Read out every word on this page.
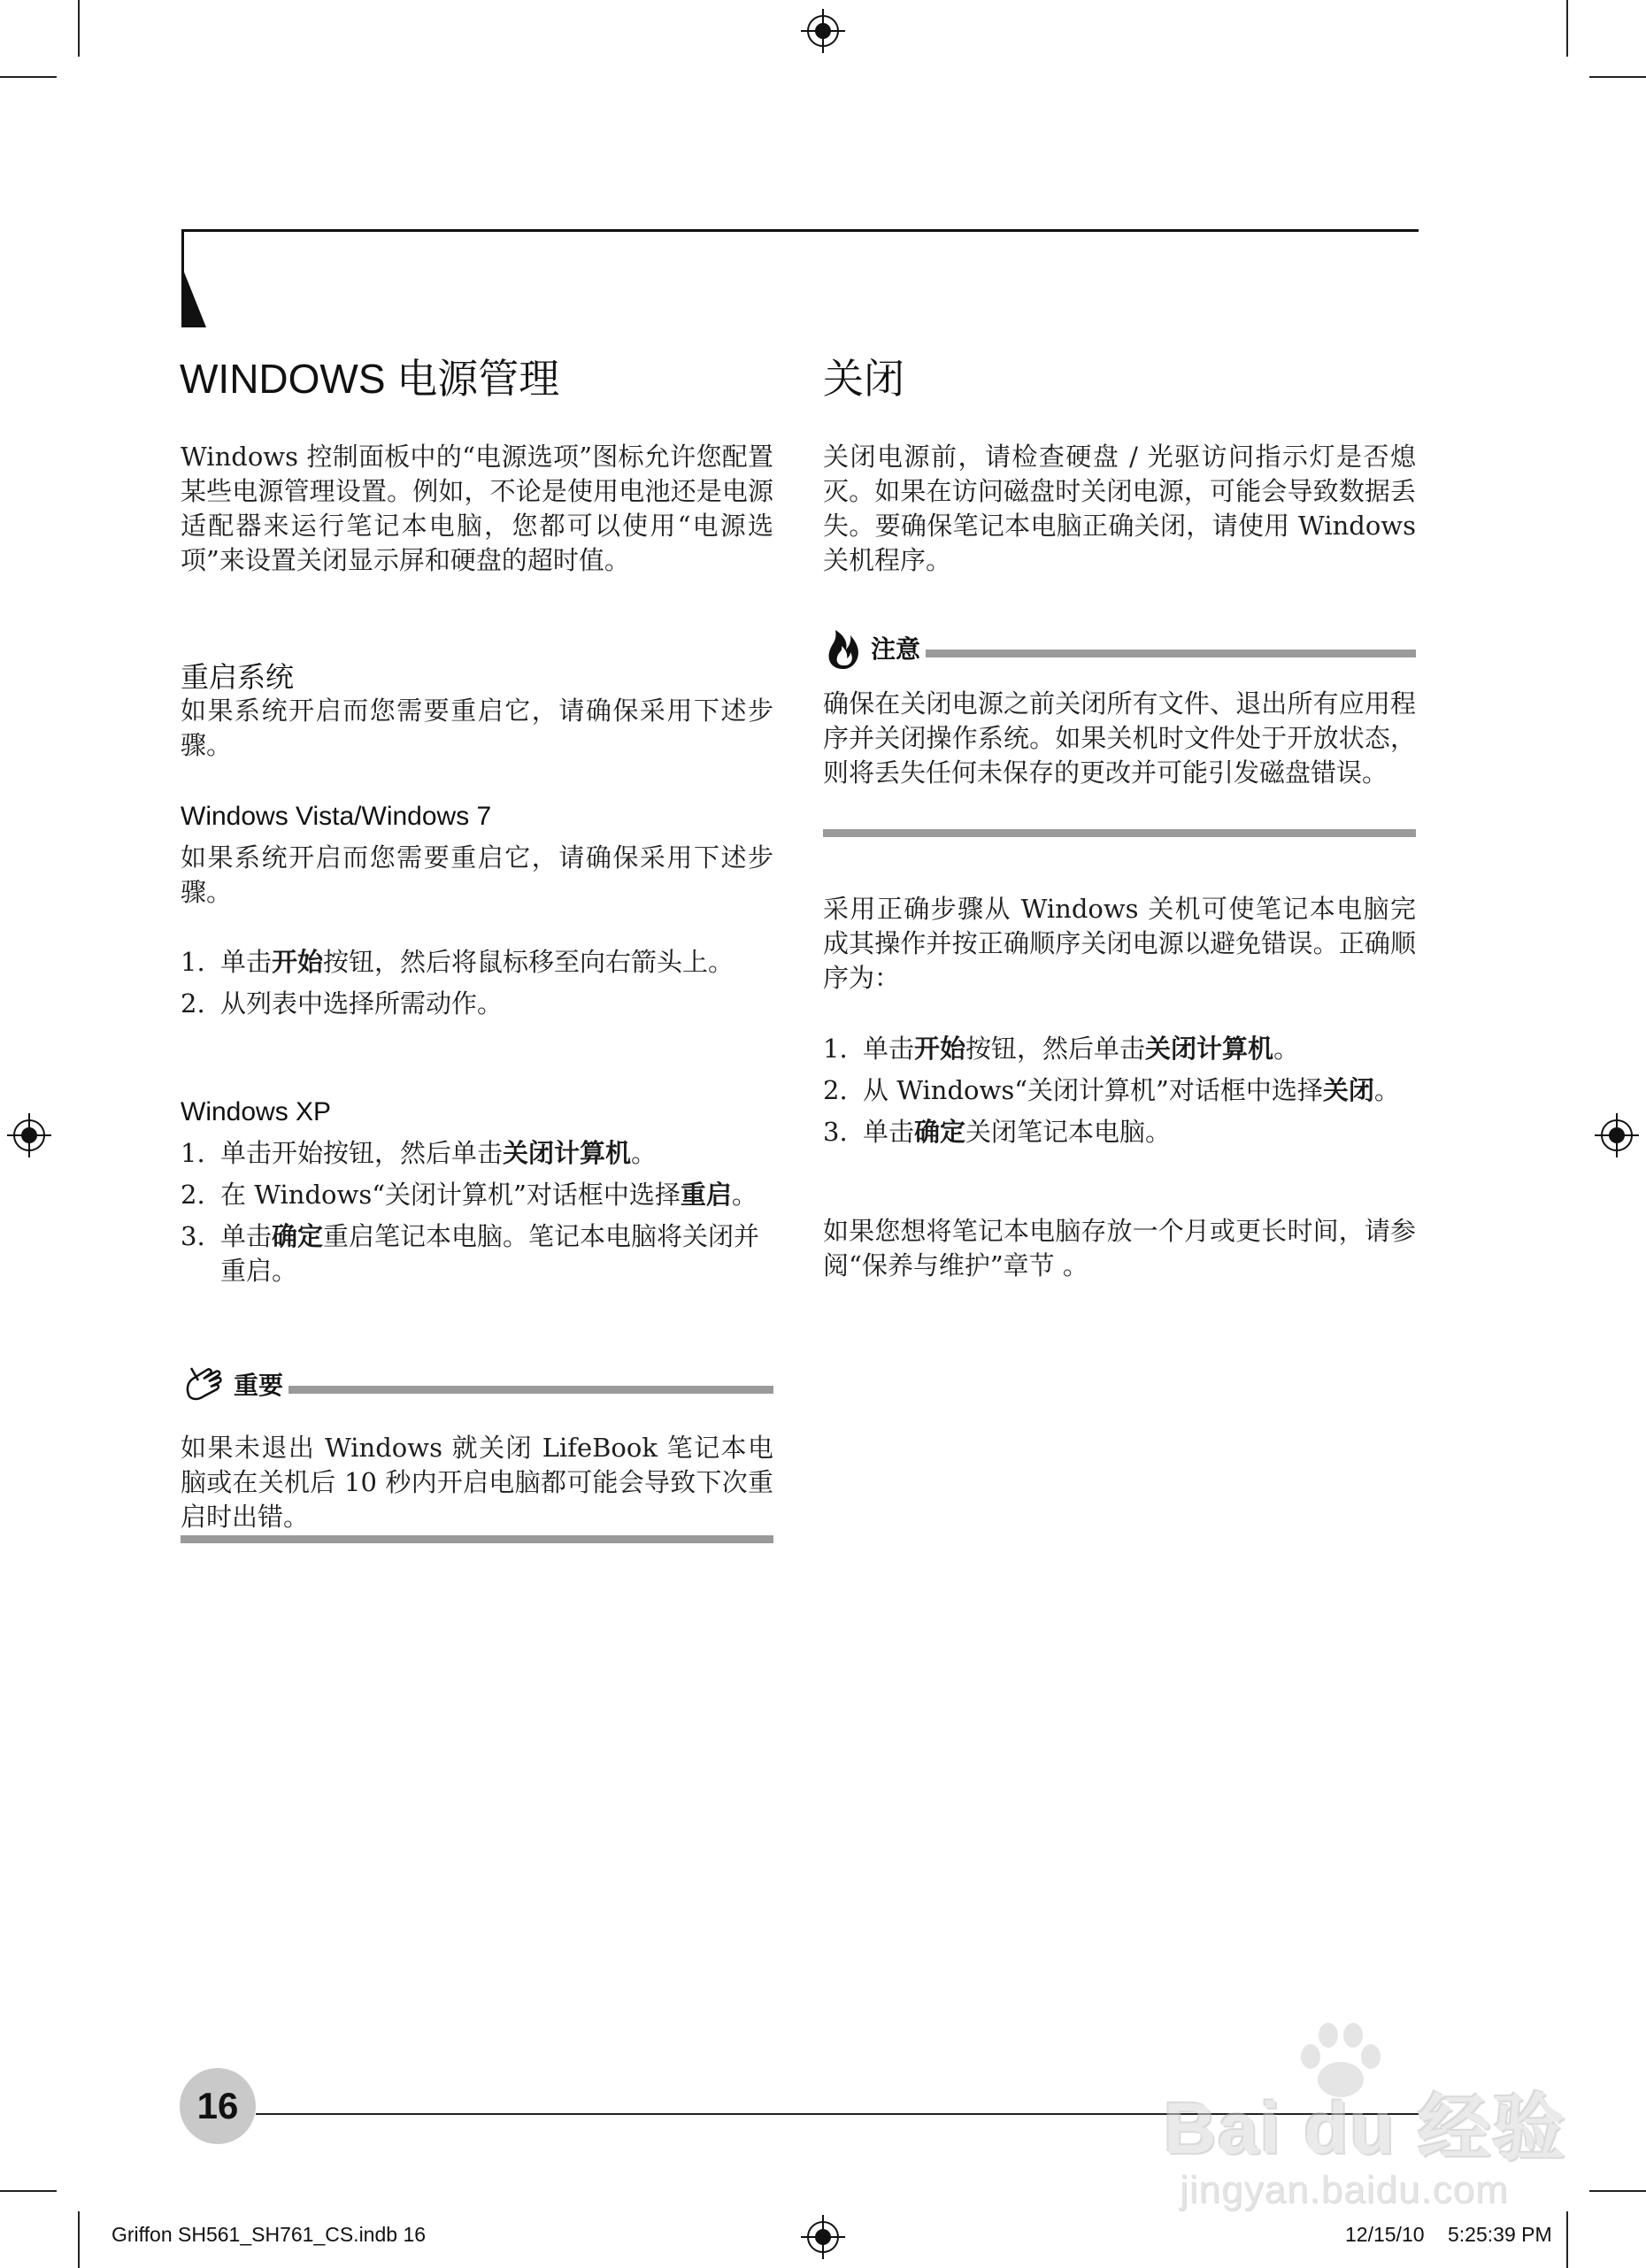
WINDOWS 电源管理

Windows 控制面板中的“电源选项”图标允许您配置某些电源管理设置。例如，不论是使用电池还是电源适配器来运行笔记本电脑，您都可以使用“电源选项”来设置关闭显示屏和硬盘的超时值。

重启系统

如果系统开启而您需要重启它，请确保采用下述步骤。

Windows Vista/Windows 7

如果系统开启而您需要重启它，请确保采用下述步骤。

1. 单击开始按钮，然后将鼠标移至向右箭头上。
2. 从列表中选择所需动作。
Windows XP
1. 单击开始按钮，然后单击关闭计算机。
2. 在 Windows“关闭计算机”对话框中选择重启。
3. 单击确定重启笔记本电脑。笔记本电脑将关闭并重启。
重要

如果未退出 Windows 就关闭 LifeBook 笔记本电脑或在关机后 10 秒内开启电脑都可能会导致下次重启时出错。

关闭

关闭电源前，请检查硬盘 / 光驱访问指示灯是否熄灭。如果在访问磁盘时关闭电源，可能会导致数据丢失。要确保笔记本电脑正确关闭，请使用 Windows 关机程序。

注意

确保在关闭电源之前关闭所有文件、退出所有应用程序并关闭操作系统。如果关机时文件处于开放状态，则将丢失任何未保存的更改并可能引发磁盘错误。

采用正确步骤从 Windows 关机可使笔记本电脑完成其操作并按正确顺序关闭电源以避免错误。正确顺序为：

1. 单击开始按钮，然后单击关闭计算机。
2. 从 Windows“关闭计算机”对话框中选择关闭。
3. 单击确定关闭笔记本电脑。

如果您想将笔记本电脑存放一个月或更长时间，请参阅“保养与维护”章节 。

16	Bai du 经验
jingyan.baidu.com
Griffon SH561_SH761_CS.indb 16	12/15/10 5:25:39 PM
